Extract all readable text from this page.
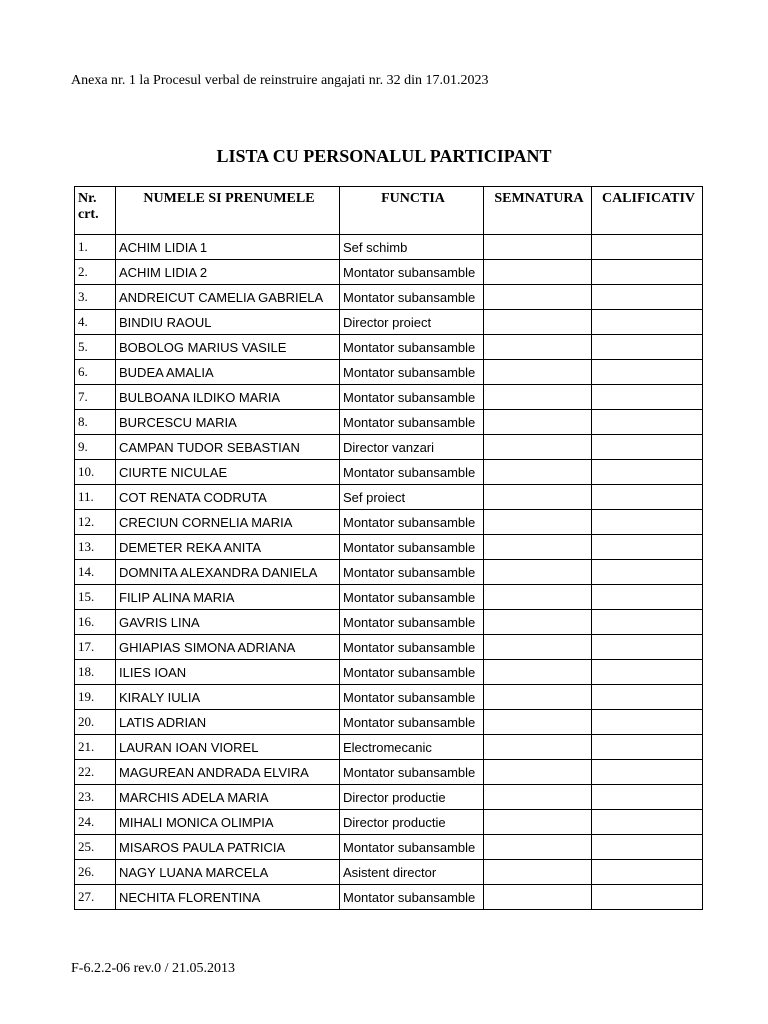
Anexa nr. 1 la Procesul verbal de reinstruire angajati nr. 32 din 17.01.2023
LISTA CU PERSONALUL PARTICIPANT
Nr. crt.	NUMELE SI PRENUMELE	FUNCTIA	SEMNATURA	CALIFICATIV
1.	ACHIM LIDIA 1	Sef schimb		
2.	ACHIM LIDIA 2	Montator subansamble		
3.	ANDREICUT CAMELIA GABRIELA	Montator subansamble		
4.	BINDIU RAOUL	Director proiect		
5.	BOBOLOG MARIUS VASILE	Montator subansamble		
6.	BUDEA AMALIA	Montator subansamble		
7.	BULBOANA ILDIKO MARIA	Montator subansamble		
8.	BURCESCU MARIA	Montator subansamble		
9.	CAMPAN TUDOR SEBASTIAN	Director vanzari		
10.	CIURTE NICULAE	Montator subansamble		
11.	COT RENATA CODRUTA	Sef proiect		
12.	CRECIUN CORNELIA MARIA	Montator subansamble		
13.	DEMETER REKA ANITA	Montator subansamble		
14.	DOMNITA ALEXANDRA DANIELA	Montator subansamble		
15.	FILIP ALINA MARIA	Montator subansamble		
16.	GAVRIS LINA	Montator subansamble		
17.	GHIAPIAS SIMONA ADRIANA	Montator subansamble		
18.	ILIES IOAN	Montator subansamble		
19.	KIRALY IULIA	Montator subansamble		
20.	LATIS ADRIAN	Montator subansamble		
21.	LAURAN IOAN VIOREL	Electromecanic		
22.	MAGUREAN ANDRADA ELVIRA	Montator subansamble		
23.	MARCHIS ADELA MARIA	Director productie		
24.	MIHALI MONICA OLIMPIA	Director productie		
25.	MISAROS PAULA PATRICIA	Montator subansamble		
26.	NAGY LUANA MARCELA	Asistent director		
27.	NECHITA FLORENTINA	Montator subansamble		
F-6.2.2-06 rev.0 / 21.05.2013
